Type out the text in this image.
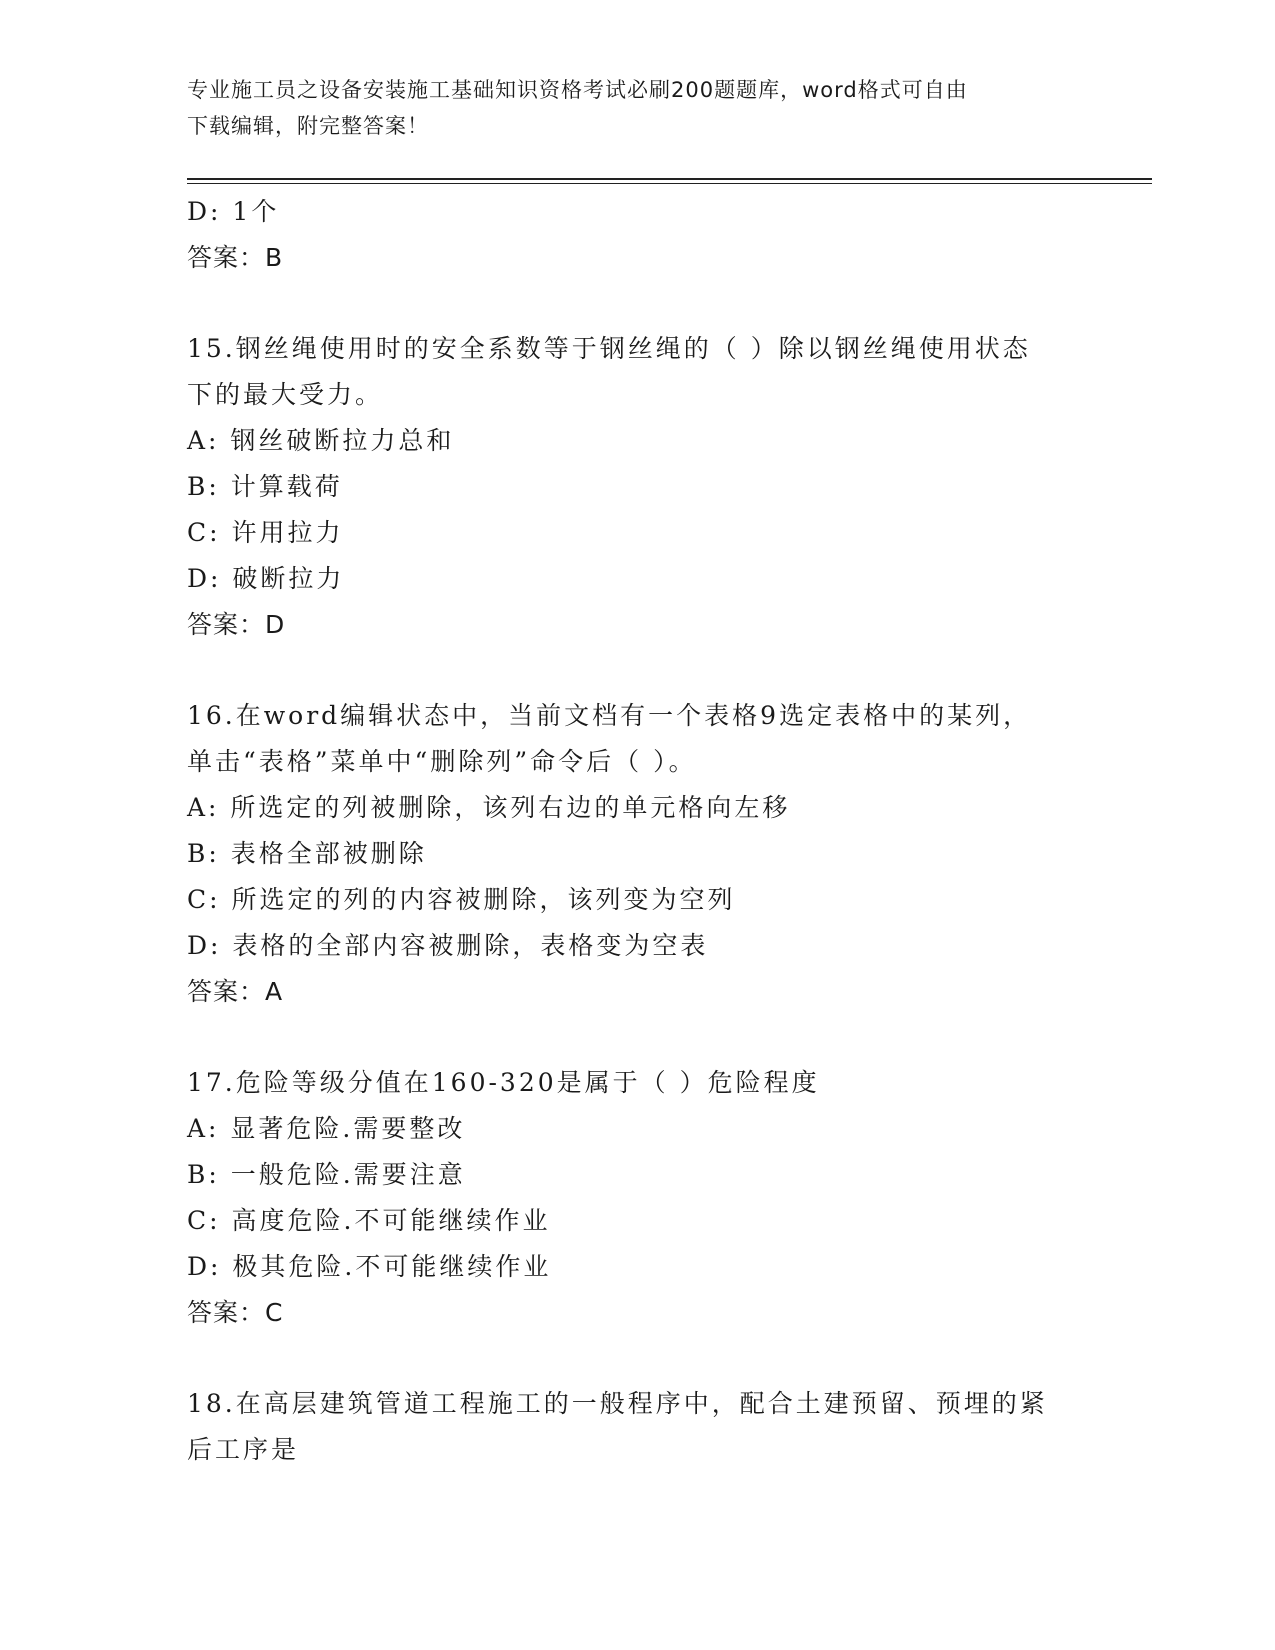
专业施工员之设备安装施工基础知识资格考试必刷200题题库，word格式可自由
下载编辑，附完整答案！
D: 1个
答案：B
15.钢丝绳使用时的安全系数等于钢丝绳的（ ）除以钢丝绳使用状态
下的最大受力。
A: 钢丝破断拉力总和
B: 计算载荷
C: 许用拉力
D: 破断拉力
答案：D
16.在word编辑状态中，当前文档有一个表格9选定表格中的某列，
单击“表格”菜单中“删除列”命令后（ ）。
A: 所选定的列被删除，该列右边的单元格向左移
B: 表格全部被删除
C: 所选定的列的内容被删除，该列变为空列
D: 表格的全部内容被删除，表格变为空表
答案：A
17.危险等级分值在160-320是属于（ ）危险程度
A: 显著危险.需要整改
B: 一般危险.需要注意
C: 高度危险.不可能继续作业
D: 极其危险.不可能继续作业
答案：C
18.在高层建筑管道工程施工的一般程序中，配合土建预留、预埋的紧
后工序是
